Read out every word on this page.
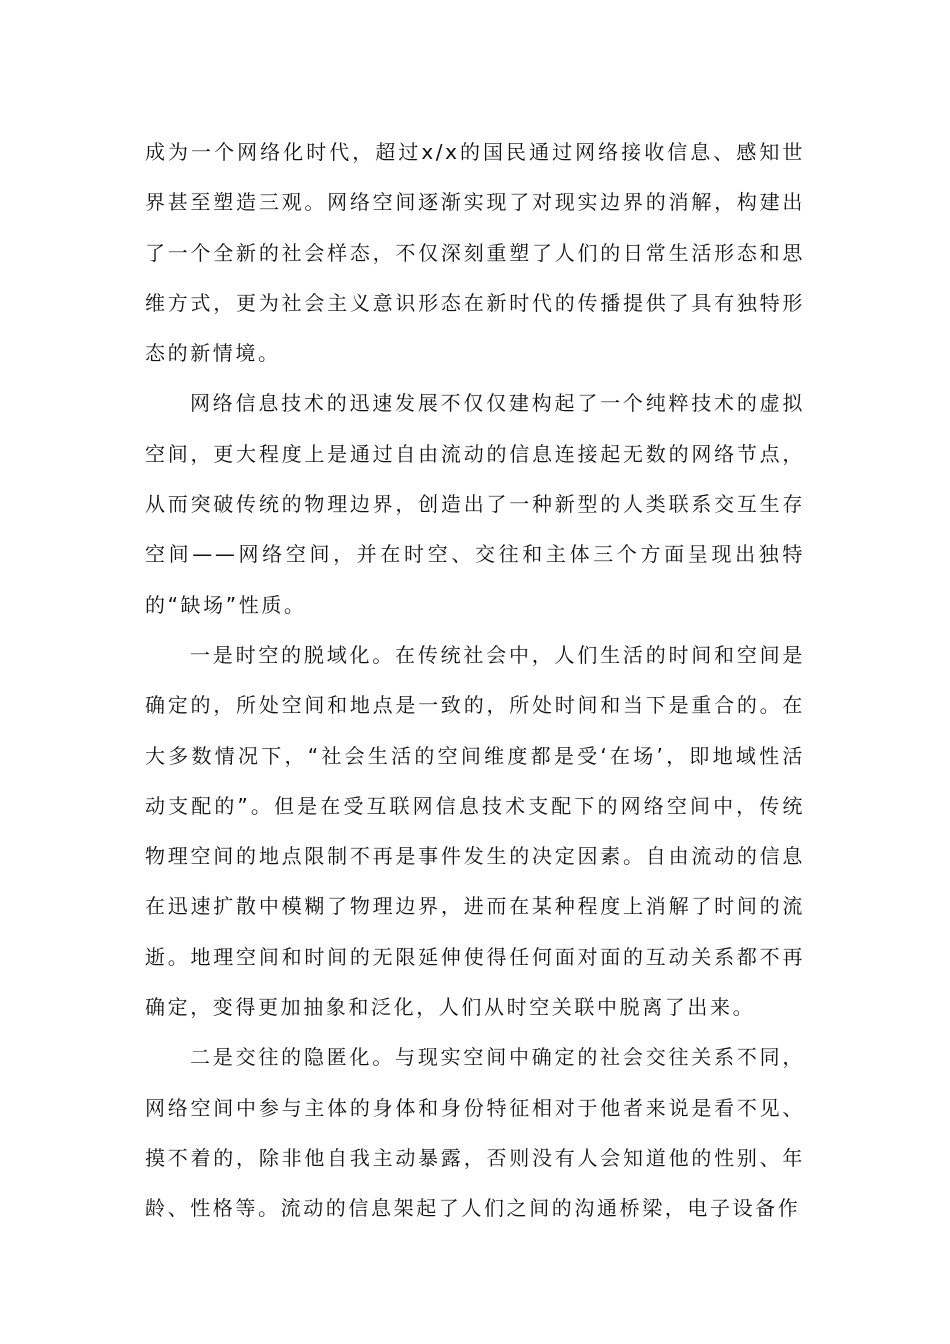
成为一个网络化时代，超过x/x的国民通过网络接收信息、感知世界甚至塑造三观。网络空间逐渐实现了对现实边界的消解，构建出了一个全新的社会样态，不仅深刻重塑了人们的日常生活形态和思维方式，更为社会主义意识形态在新时代的传播提供了具有独特形态的新情境。

网络信息技术的迅速发展不仅仅建构起了一个纯粹技术的虚拟空间，更大程度上是通过自由流动的信息连接起无数的网络节点，从而突破传统的物理边界，创造出了一种新型的人类联系交互生存空间——网络空间，并在时空、交往和主体三个方面呈现出独特的“缺场”性质。

一是时空的脱域化。在传统社会中，人们生活的时间和空间是确定的，所处空间和地点是一致的，所处时间和当下是重合的。在大多数情况下，“社会生活的空间维度都是受‘在场’，即地域性活动支配的”。但是在受互联网信息技术支配下的网络空间中，传统物理空间的地点限制不再是事件发生的决定因素。自由流动的信息在迅速扩散中模糊了物理边界，进而在某种程度上消解了时间的流逝。地理空间和时间的无限延伸使得任何面对面的互动关系都不再确定，变得更加抽象和泛化，人们从时空关联中脱离了出来。

二是交往的隐匿化。与现实空间中确定的社会交往关系不同，网络空间中参与主体的身体和身份特征相对于他者来说是看不见、摸不着的，除非他自我主动暴露，否则没有人会知道他的性别、年龄、性格等。流动的信息架起了人们之间的沟通桥梁，电子设备作
